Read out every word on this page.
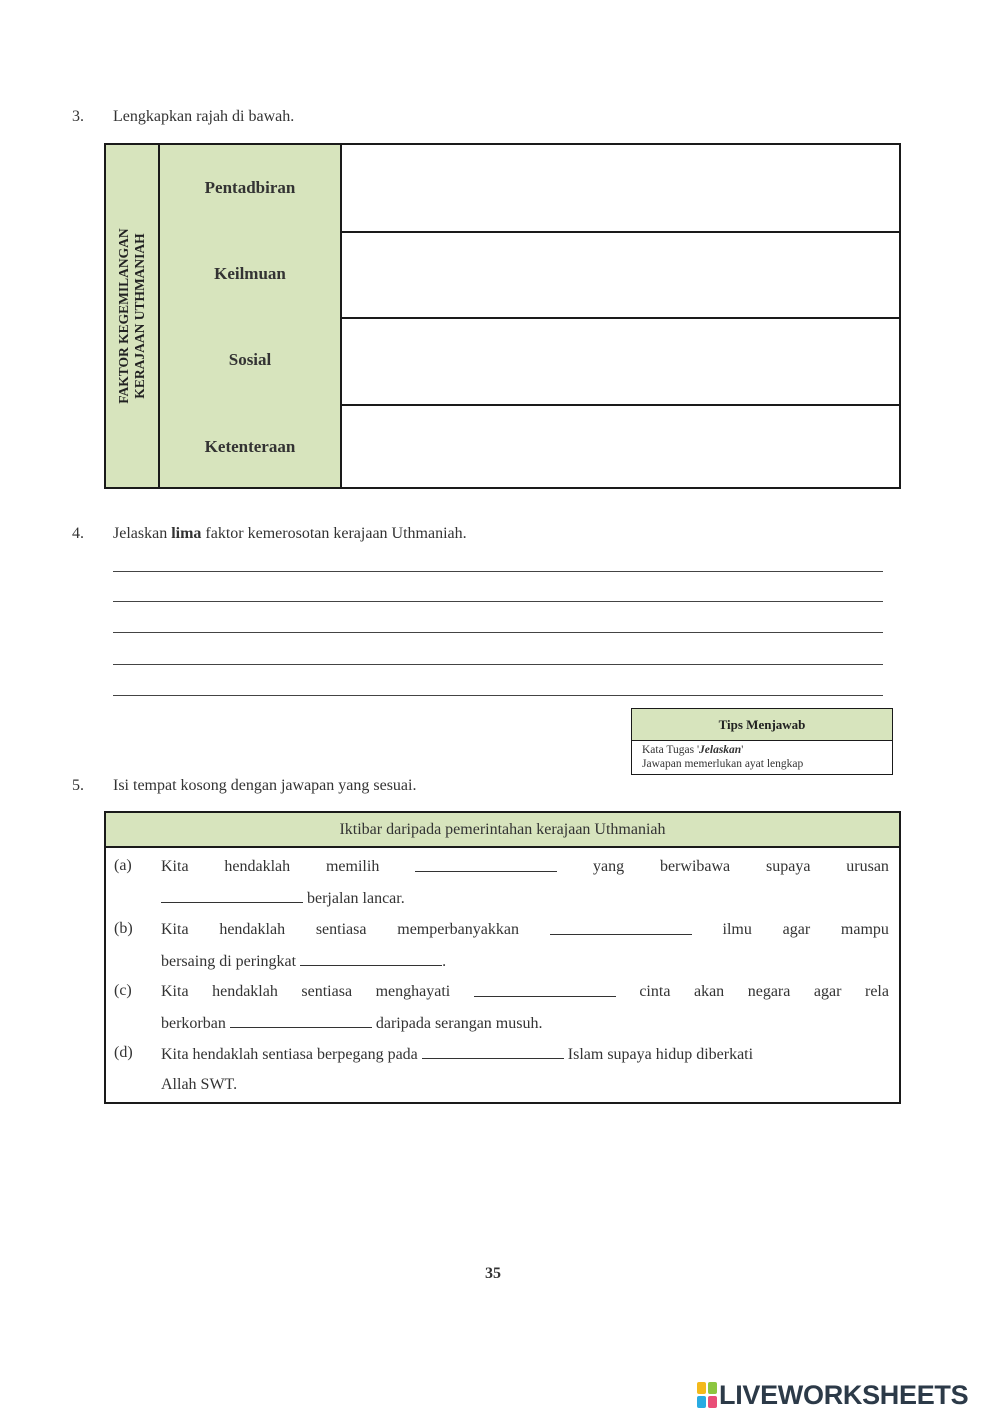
3. Lengkapkan rajah di bawah.
FAKTOR KEGEMILANGAN KERAJAAN UTHMANIAH
Pentadbiran
Keilmuan
Sosial
Ketenteraan
4. Jelaskan lima faktor kemerosotan kerajaan Uthmaniah.
Tips Menjawab
Kata Tugas 'Jelaskan'
Jawapan memerlukan ayat lengkap
5. Isi tempat kosong dengan jawapan yang sesuai.
Iktibar daripada pemerintahan kerajaan Uthmaniah
(a) Kita hendaklah memilih	yang berwibawa supaya urusan
berjalan lancar.
(b) Kita hendaklah sentiasa memperbanyakkan	ilmu agar mampu
bersaing di peringkat	.
(c) Kita hendaklah sentiasa menghayati	cinta akan negara agar rela
berkorban	daripada serangan musuh.
(d) Kita hendaklah sentiasa berpegang pada	Islam supaya hidup diberkati
Allah SWT.
35
LIVEWORKSHEETS
